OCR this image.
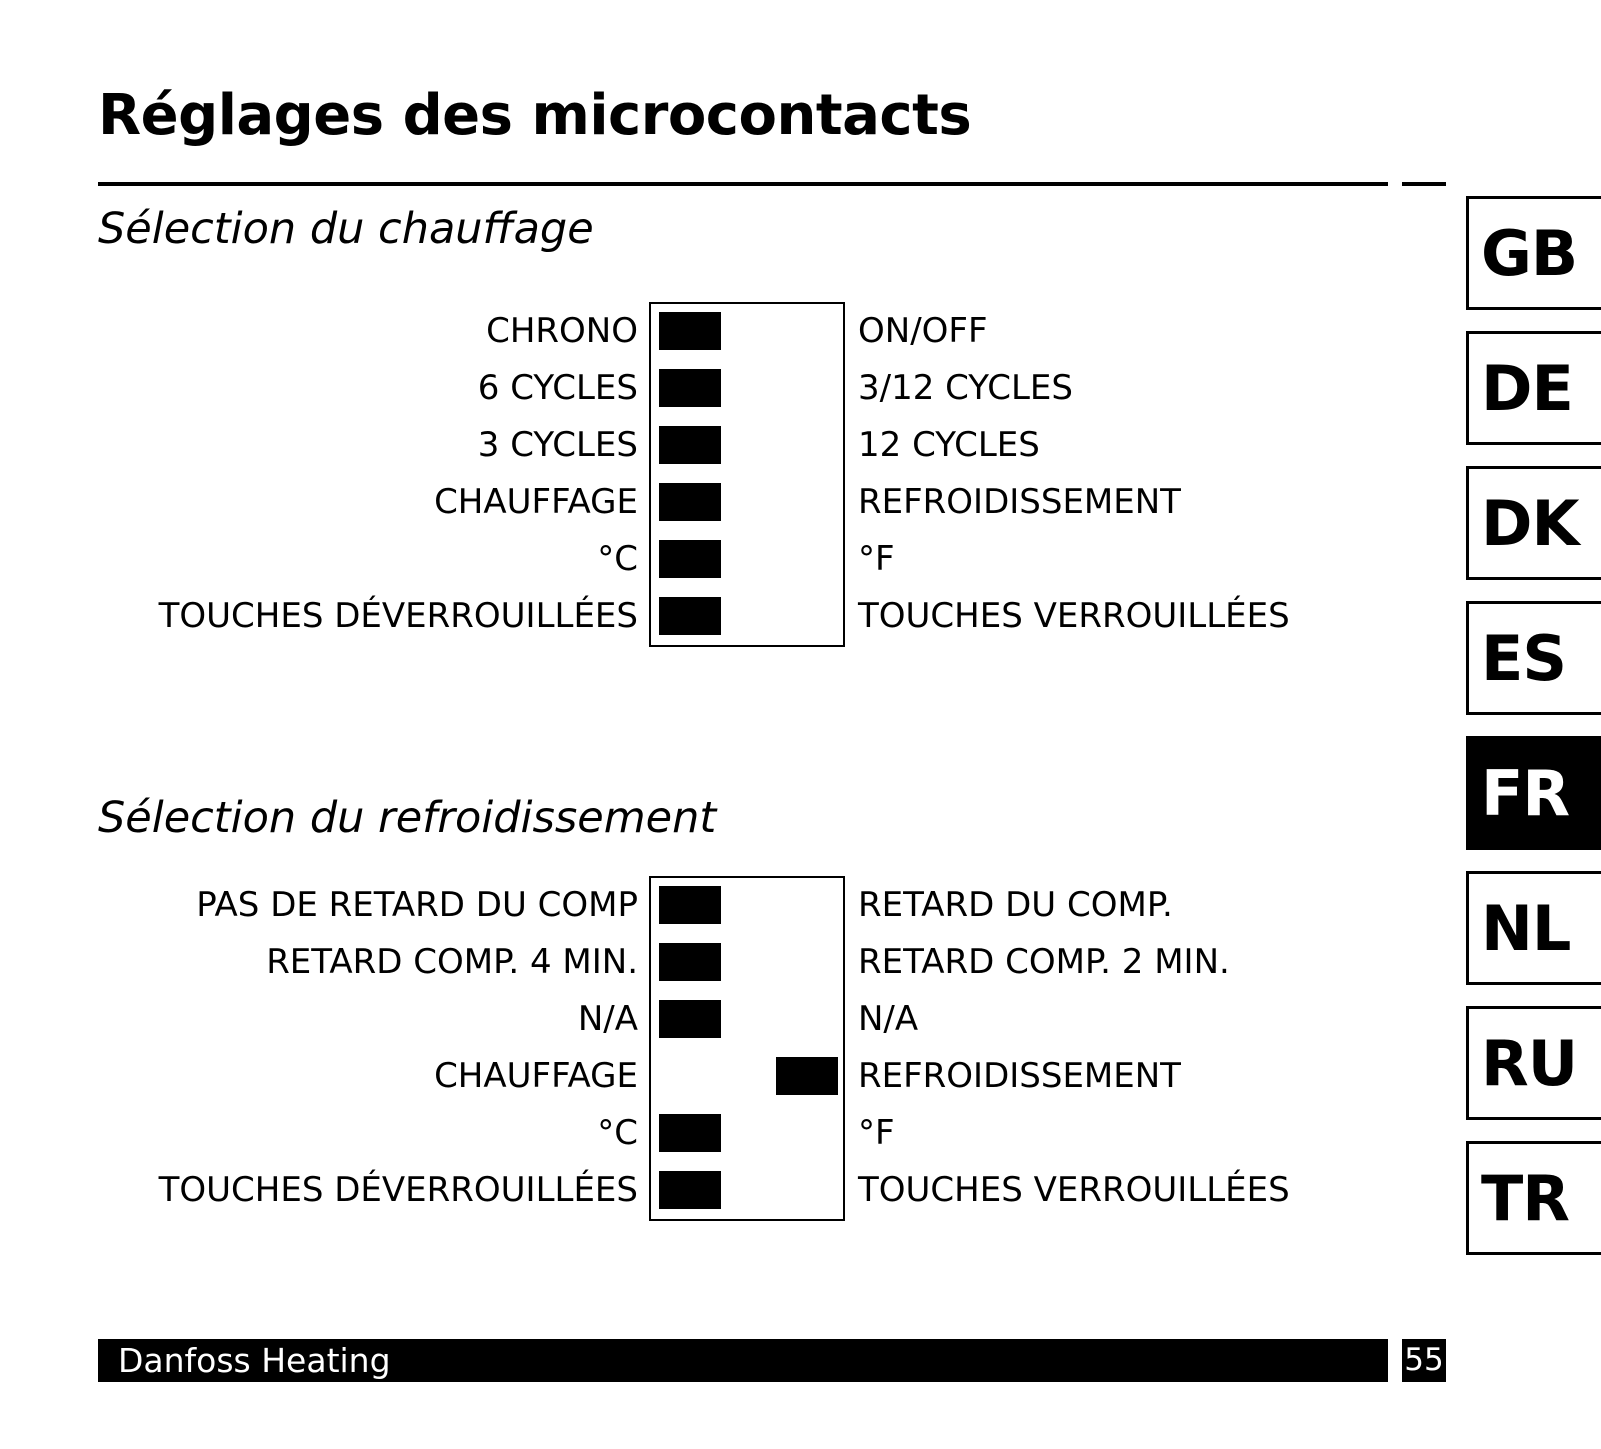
Réglages des microcontacts
Sélection du chauffage
CHRONO	ON/OFF
6 CYCLES	3/12 CYCLES
3 CYCLES	12 CYCLES
CHAUFFAGE	REFROIDISSEMENT
°C	°F
TOUCHES DÉVERROUILLÉES	TOUCHES VERROUILLÉES
Sélection du refroidissement
PAS DE RETARD DU COMP	RETARD DU COMP.
RETARD COMP. 4 MIN.	RETARD COMP. 2 MIN.
N/A	N/A
CHAUFFAGE	REFROIDISSEMENT
°C	°F
TOUCHES DÉVERROUILLÉES	TOUCHES VERROUILLÉES
GB
DE
DK
ES
FR
NL
RU
TR
Danfoss Heating	55
